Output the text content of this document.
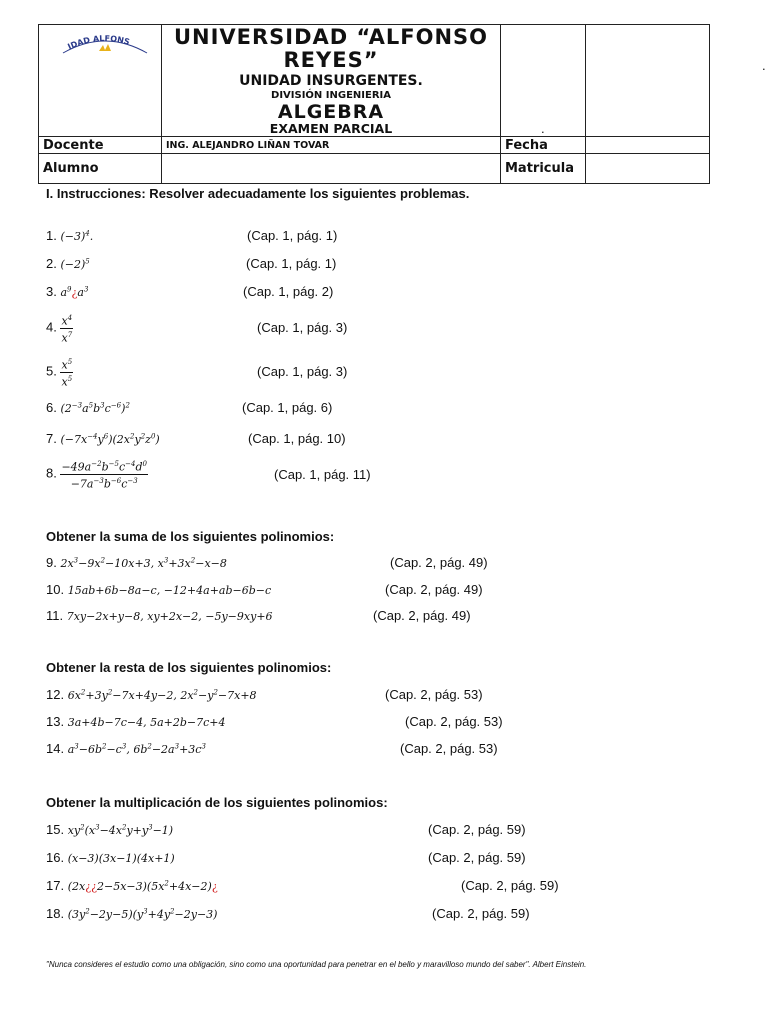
IDAD ALFONS	UNIVERSIDAD “ALFONSO REYES”
UNIDAD INSURGENTES.
DIVISIÓN INGENIERIA
ALGEBRA
EXAMEN PARCIAL		

Docente	ING. ALEJANDRO LIÑAN TOVAR	Fecha	
Alumno		Matricula	
.
.
I. Instrucciones: Resolver adecuadamente los siguientes problemas.
1. $(-3)^4$.	(Cap. 1, pág. 1)
2. $(-2)^5$	(Cap. 1, pág. 1)
3. $a^9¿a^3$	(Cap. 1, pág. 2)
4. $\frac{x^4}{x^7}$	(Cap. 1, pág. 3)
5. $\frac{x^5}{x^5}$	(Cap. 1, pág. 3)
6. $(2^{-3}a^5b^3c^{-6})^2$	(Cap. 1, pág. 6)
7. $(-7x^{-4}y^6)(2x^2y^2z^0)$	(Cap. 1, pág. 10)
8. $\frac{-49a^{-2}b^{-5}c^{-4}d^0}{-7a^{-3}b^{-6}c^{-3}}$	(Cap. 1, pág. 11)
Obtener la suma de los siguientes polinomios:
9. $2x^3-9x^2-10x+3$, $x^3+3x^2-x-8$	(Cap. 2, pág. 49)
10. 15ab+6b−8a−c, −12+4a+ab−6b−c	(Cap. 2, pág. 49)
11. 7xy−2x+y−8, xy+2x−2, −5y−9xy+6	(Cap. 2, pág. 49)
Obtener la resta de los siguientes polinomios:
12. $6x^2+3y^2-7x+4y-2$, $2x^2-y^2-7x+8$	(Cap. 2, pág. 53)
13. 3a+4b−7c−4, 5a+2b−7c+4	(Cap. 2, pág. 53)
14. $a^3-6b^2-c^3$, $6b^2-2a^3+3c^3$	(Cap. 2, pág. 53)
Obtener la multiplicación de los siguientes polinomios:
15. $xy^2(x^3-4x^2y+y^3-1)$	(Cap. 2, pág. 59)
16. (x−3)(3x−1)(4x+1)	(Cap. 2, pág. 59)
17. $(2x¿¿2-5x-3)(5x^2+4x-2)¿$	(Cap. 2, pág. 59)
18. $(3y^2-2y-5)(y^3+4y^2-2y-3)$	(Cap. 2, pág. 59)
"Nunca consideres el estudio como una obligación, sino como una oportunidad para penetrar en el bello y maravilloso mundo del saber". Albert Einstein.
